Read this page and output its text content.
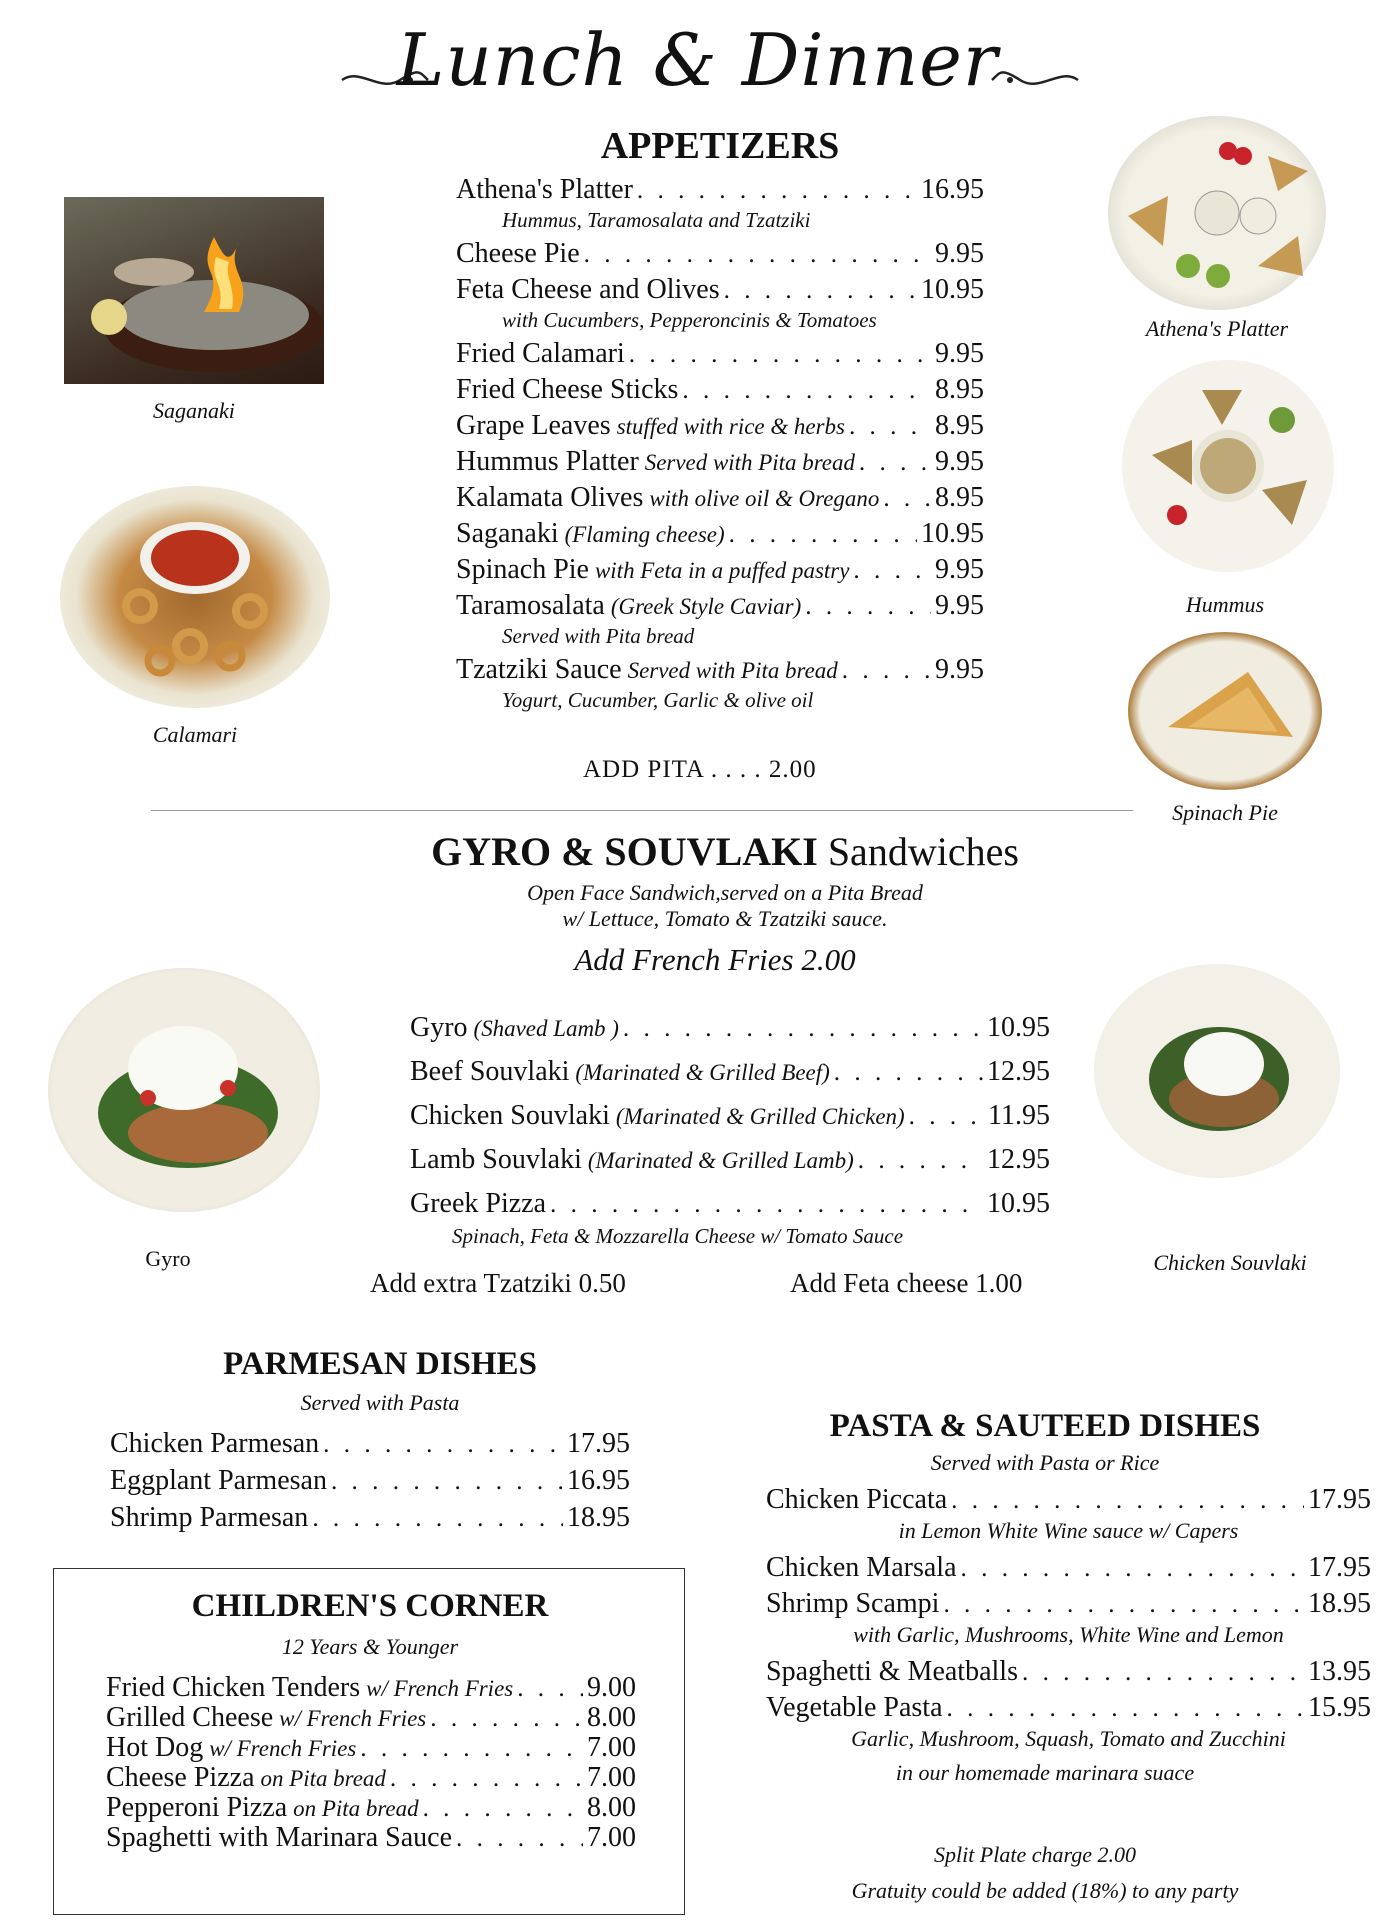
Lunch & Dinner
APPETIZERS
Athena's Platter . . .	16.95
Hummus, Taramosalata and Tzatziki
Cheese Pie . . .	9.95
Feta Cheese and Olives . . .	10.95
with Cucumbers, Pepperoncinis & Tomatoes
Fried Calamari . . .	9.95
Fried Cheese Sticks . . .	8.95
Grape Leaves stuffed with rice & herbs . . .	8.95
Hummus Platter Served with Pita bread . . .	9.95
Kalamata Olives with olive oil & Oregano . . . 8.95
Saganaki (Flaming cheese) . . .	10.95
Spinach Pie with Feta in a puffed pastry . . .	9.95
Taramosalata (Greek Style Caviar) . . .	9.95
Served with Pita bread
Tzatziki Sauce Served with Pita bread . . .	9.95
Yogurt, Cucumber, Garlic & olive oil
ADD PITA . . . . 2.00
Saganaki
Calamari
Athena's Platter
Hummus
Spinach Pie
GYRO & SOUVLAKI Sandwiches
Open Face Sandwich,served on a Pita Bread
w/ Lettuce, Tomato & Tzatziki sauce.
Add French Fries 2.00
Gyro (Shaved Lamb ) . . .	10.95
Beef Souvlaki (Marinated & Grilled Beef) . . .	12.95
Chicken Souvlaki (Marinated & Grilled Chicken) . . .	11.95
Lamb Souvlaki (Marinated & Grilled Lamb) . . .	12.95
Greek Pizza . . .	10.95
Spinach, Feta & Mozzarella Cheese w/ Tomato Sauce
Add extra Tzatziki 0.50	Add Feta cheese 1.00
Gyro	Chicken Souvlaki
PARMESAN DISHES
Served with Pasta
Chicken Parmesan . . .	17.95
Eggplant Parmesan . . .	16.95
Shrimp Parmesan . . .	18.95
CHILDREN'S CORNER
12 Years & Younger
Fried Chicken Tenders w/ French Fries . . .	9.00
Grilled Cheese w/ French Fries . . .	8.00
Hot Dog w/ French Fries . . .	7.00
Cheese Pizza on Pita bread . . .	7.00
Pepperoni Pizza on Pita bread . . .	8.00
Spaghetti with Marinara Sauce . . .	7.00
PASTA & SAUTEED DISHES
Served with Pasta or Rice
Chicken Piccata . . .	17.95
in Lemon White Wine sauce w/ Capers
Chicken Marsala . . .	17.95
Shrimp Scampi . . .	18.95
with Garlic, Mushrooms, White Wine and Lemon
Spaghetti & Meatballs . . .	13.95
Vegetable Pasta . . .	15.95
Garlic, Mushroom, Squash, Tomato and Zucchini
in our homemade marinara suace
Split Plate charge 2.00
Gratuity could be added (18%) to any party
